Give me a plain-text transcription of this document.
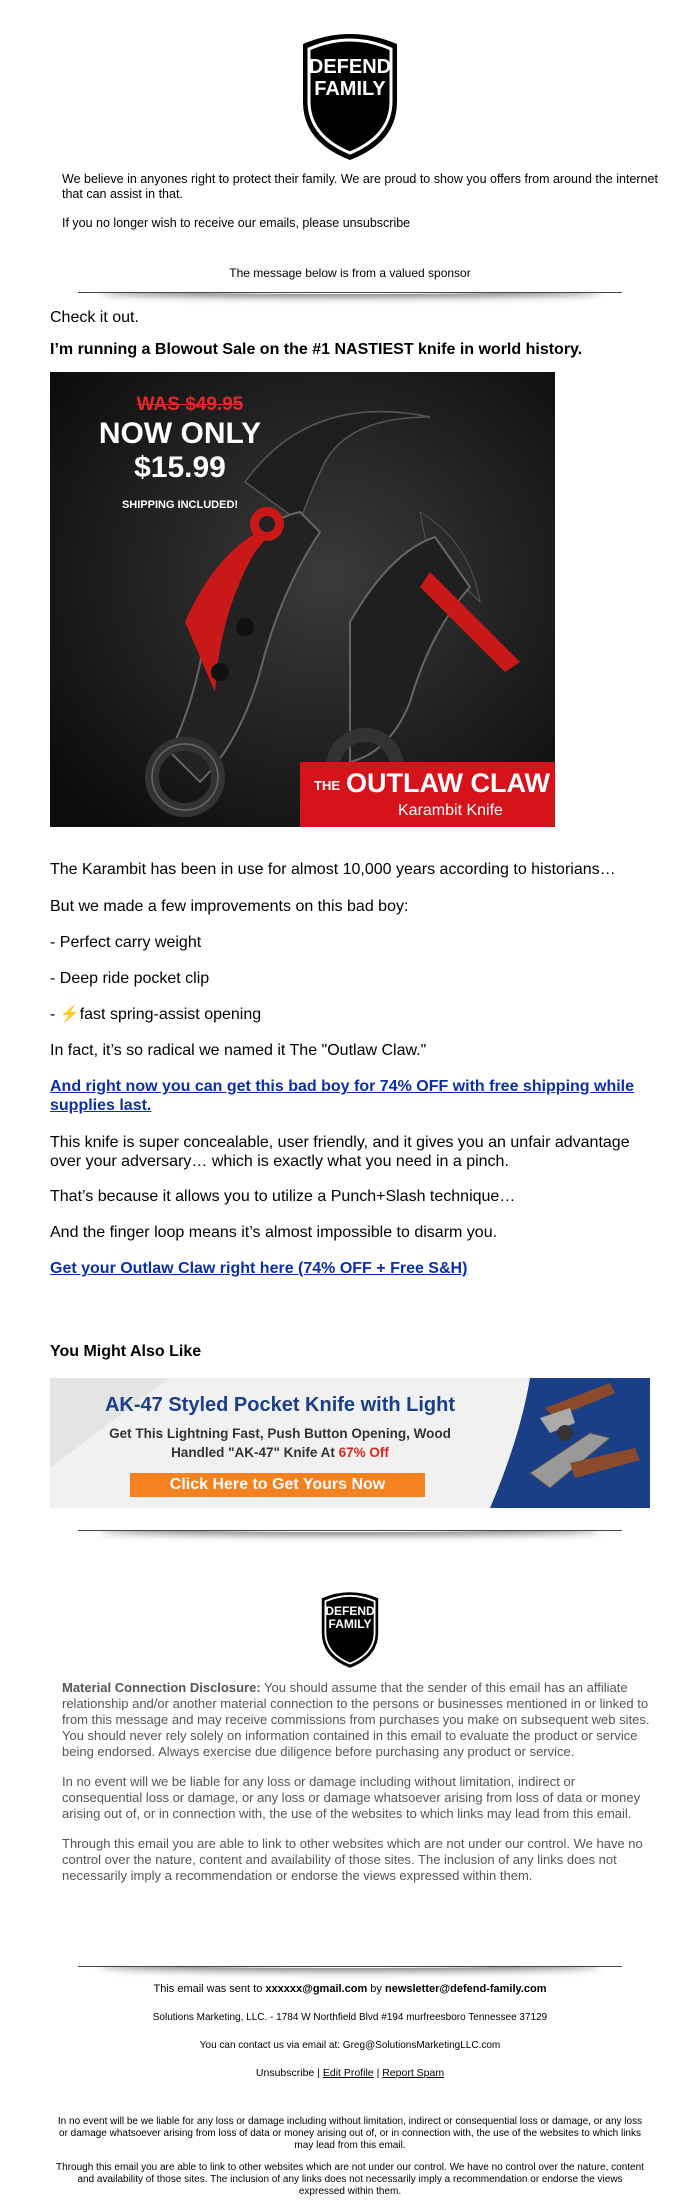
DEFEND
FAMILY
We believe in anyones right to protect their family. We are proud to show you offers from around the internet that can assist in that.
If you no longer wish to receive our emails, please unsubscribe
The message below is from a valued sponsor
Check it out.
I’m running a Blowout Sale on the #1 NASTIEST knife in world history.
WAS $49.95
NOW ONLY
$15.99
SHIPPING INCLUDED!
THE OUTLAW CLAW
Karambit Knife
The Karambit has been in use for almost 10,000 years according to historians…
But we made a few improvements on this bad boy:
- Perfect carry weight
- Deep ride pocket clip
- ⚡fast spring-assist opening
In fact, it’s so radical we named it The "Outlaw Claw."
And right now you can get this bad boy for 74% OFF with free shipping while supplies last.
This knife is super concealable, user friendly, and it gives you an unfair advantage over your adversary… which is exactly what you need in a pinch.
That’s because it allows you to utilize a Punch+Slash technique…
And the finger loop means it’s almost impossible to disarm you.
Get your Outlaw Claw right here (74% OFF + Free S&H)
You Might Also Like
AK-47 Styled Pocket Knife with Light
Get This Lightning Fast, Push Button Opening, Wood
Handled "AK-47" Knife At 67% Off
Click Here to Get Yours Now
DEFEND
FAMILY
Material Connection Disclosure: You should assume that the sender of this email has an affiliate relationship and/or another material connection to the persons or businesses mentioned in or linked to from this message and may receive commissions from purchases you make on subsequent web sites. You should never rely solely on information contained in this email to evaluate the product or service being endorsed. Always exercise due diligence before purchasing any product or service.
In no event will we be liable for any loss or damage including without limitation, indirect or consequential loss or damage, or any loss or damage whatsoever arising from loss of data or money arising out of, or in connection with, the use of the websites to which links may lead from this email.
Through this email you are able to link to other websites which are not under our control. We have no control over the nature, content and availability of those sites. The inclusion of any links does not necessarily imply a recommendation or endorse the views expressed within them.
This email was sent to xxxxxx@gmail.com by newsletter@defend-family.com
Solutions Marketing, LLC. - 1784 W Northfield Blvd #194 murfreesboro Tennessee 37129
You can contact us via email at: Greg@SolutionsMarketingLLC.com
Unsubscribe | Edit Profile | Report Spam
In no event will be we liable for any loss or damage including without limitation, indirect or consequential loss or damage, or any loss or damage whatsoever arising from loss of data or money arising out of, or in connection with, the use of the websites to which links may lead from this email.
Through this email you are able to link to other websites which are not under our control. We have no control over the nature, content and availability of those sites. The inclusion of any links does not necessarily imply a recommendation or endorse the views expressed within them.
